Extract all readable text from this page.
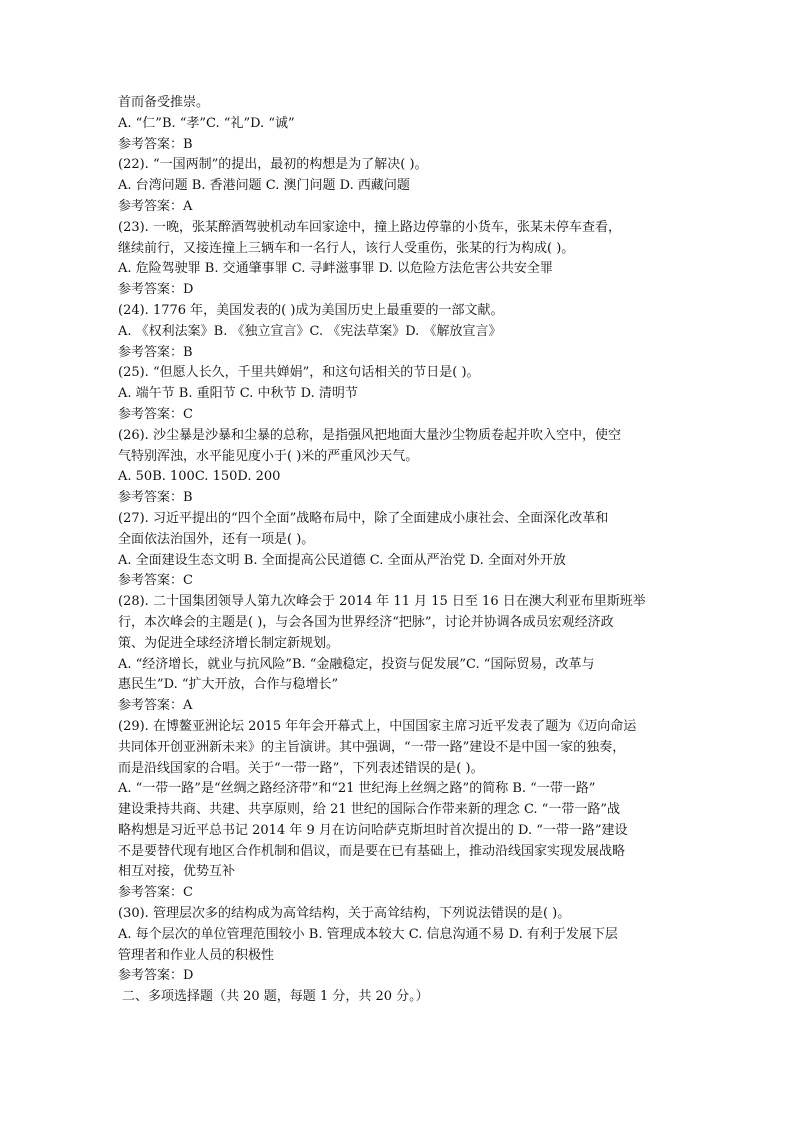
首而备受推崇。
A. “仁”B. “孝”C. “礼”D. “诚”
参考答案：B
(22). “一国两制”的提出，最初的构想是为了解决( )。
A. 台湾问题 B. 香港问题 C. 澳门问题 D. 西藏问题
参考答案：A
(23). 一晚，张某醉酒驾驶机动车回家途中，撞上路边停靠的小货车，张某未停车查看，
继续前行，又接连撞上三辆车和一名行人，该行人受重伤，张某的行为构成( )。
A. 危险驾驶罪 B. 交通肇事罪 C. 寻衅滋事罪 D. 以危险方法危害公共安全罪
参考答案：D
(24). 1776 年，美国发表的( )成为美国历史上最重要的一部文献。
A. 《权利法案》B. 《独立宣言》C. 《宪法草案》D. 《解放宣言》
参考答案：B
(25). “但愿人长久，千里共婵娟”，和这句话相关的节日是( )。
A. 端午节 B. 重阳节 C. 中秋节 D. 清明节
参考答案：C
(26). 沙尘暴是沙暴和尘暴的总称，是指强风把地面大量沙尘物质卷起并吹入空中，使空
气特别浑浊，水平能见度小于( )米的严重风沙天气。
A. 50B. 100C. 150D. 200
参考答案：B
(27). 习近平提出的“四个全面”战略布局中，除了全面建成小康社会、全面深化改革和
全面依法治国外，还有一项是( )。
A. 全面建设生态文明 B. 全面提高公民道德 C. 全面从严治党 D. 全面对外开放
参考答案：C
(28). 二十国集团领导人第九次峰会于 2014 年 11 月 15 日至 16 日在澳大利亚布里斯班举
行，本次峰会的主题是( )，与会各国为世界经济“把脉”，讨论并协调各成员宏观经济政
策、为促进全球经济增长制定新规划。
A. “经济增长，就业与抗风险”B. “金融稳定，投资与促发展”C. “国际贸易，改革与
惠民生”D. “扩大开放，合作与稳增长”
参考答案：A
(29). 在博鳌亚洲论坛 2015 年年会开幕式上，中国国家主席习近平发表了题为《迈向命运
共同体开创亚洲新未来》的主旨演讲。其中强调，“一带一路”建设不是中国一家的独奏，
而是沿线国家的合唱。关于“一带一路”，下列表述错误的是( )。
A. “一带一路”是“丝绸之路经济带”和“21 世纪海上丝绸之路”的简称 B. “一带一路”
建设秉持共商、共建、共享原则，给 21 世纪的国际合作带来新的理念 C. “一带一路”战
略构想是习近平总书记 2014 年 9 月在访问哈萨克斯坦时首次提出的 D. “一带一路”建设
不是要替代现有地区合作机制和倡议，而是要在已有基础上，推动沿线国家实现发展战略
相互对接，优势互补
参考答案：C
(30). 管理层次多的结构成为高耸结构，关于高耸结构，下列说法错误的是( )。
A. 每个层次的单位管理范围较小 B. 管理成本较大 C. 信息沟通不易 D. 有利于发展下层
管理者和作业人员的积极性
参考答案：D
二、多项选择题（共 20 题，每题 1 分，共 20 分。）
